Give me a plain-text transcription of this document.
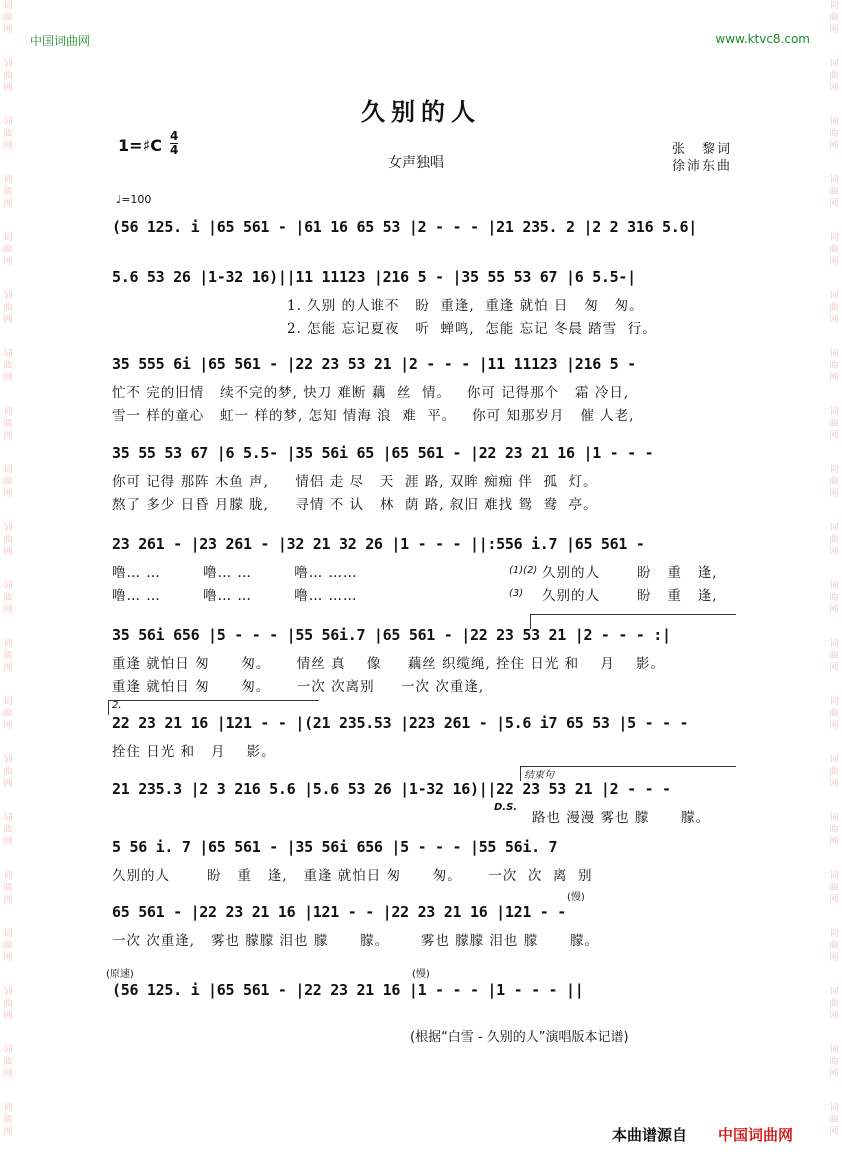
词曲网
词曲网
词曲网
词曲网
词曲网
词曲网
词曲网
词曲网
词曲网
词曲网
词曲网
词曲网
词曲网
词曲网
词曲网
词曲网
词曲网
词曲网
词曲网
词曲网
词曲网
词曲网
词曲网
词曲网
词曲网
词曲网
词曲网
词曲网
词曲网
词曲网
词曲网
词曲网
词曲网
词曲网
词曲网
词曲网
词曲网
词曲网
词曲网
词曲网
中国词曲网	www.ktvc8.com
久别的人
1=♯C 4
4
女声独唱
张　黎词
徐沛东曲
♩=100
(56 125. i |65 561 - |61 16 65 53 |2 - - - |21 235. 2 |2 2 316 5.6|
5.6 53 26 |1-32 16)||11 11123 |216 5 - |35 55 53 67 |6 5.5-|
1. 久别 的人谁不   盼  重逢,  重逢 就怕 日   匆   匆。
2. 怎能 忘记夏夜   听  蝉鸣,  怎能 忘记 冬晨 踏雪  行。
35 555 6i |65 561 - |22 23 53 21 |2 - - - |11 11123 |216 5 -
忙不 完的旧情   续不完的梦, 快刀 难断 藕  丝  情。   你可 记得那个   霜 冷日,
雪一 样的童心   虹一 样的梦, 怎知 情海 浪  难  平。   你可 知那岁月   催 人老,
35 55 53 67 |6 5.5- |35 56i 65 |65 561 - |22 23 21 16 |1 - - -
你可 记得 那阵 木鱼 声,     情侣 走 尽   天  涯 路, 双眸 痴痴 伴  孤  灯。
熬了 多少 日昏 月朦 胧,     寻情 不 认   林  荫 路, 叙旧 难找 鸳  鸯  亭。
23 261 - |23 261 - |32 21 32 26 |1 - - - ||:556 i.7 |65 561 -
噜… …        噜… …        噜… ……
噜… …        噜… …        噜… ……
(1)(2) 久别的人       盼   重   逢,
(3) 久别的人       盼   重   逢,
35 56i 656 |5 - - - |55 56i.7 |65 561 - |22 23 53 21 |2 - - - :|
重逢 就怕日 匆      匆。     情丝 真    像     藕丝 织缆绳, 拴住 日光 和    月    影。
重逢 就怕日 匆      匆。     一次 次离别     一次 次重逢,
2.
22 23 21 16 |121 - - |(21 235.53 |223 261 - |5.6 i7 65 53 |5 - - -
拴住 日光 和   月    影。
结束句
21 235.3 |2 3 216 5.6 |5.6 53 26 |1-32 16)||22 23 53 21 |2 - - -
D.S.
路也 漫漫 雾也 朦      朦。
5 56 i. 7 |65 561 - |35 56i 656 |5 - - - |55 56i. 7
久别的人       盼   重   逢,   重逢 就怕日 匆      匆。     一次  次  离  别
(慢)
65 561 - |22 23 21 16 |121 - - |22 23 21 16 |121 - -
一次 次重逢,   雾也 朦朦 泪也 朦      朦。      雾也 朦朦 泪也 朦      朦。
(原速)	(慢)
(56 125. i |65 561 - |22 23 21 16 |1 - - - |1 - - - ||
(根据“白雪 - 久别的人”演唱版本记谱)
本曲谱源自 中国词曲网
